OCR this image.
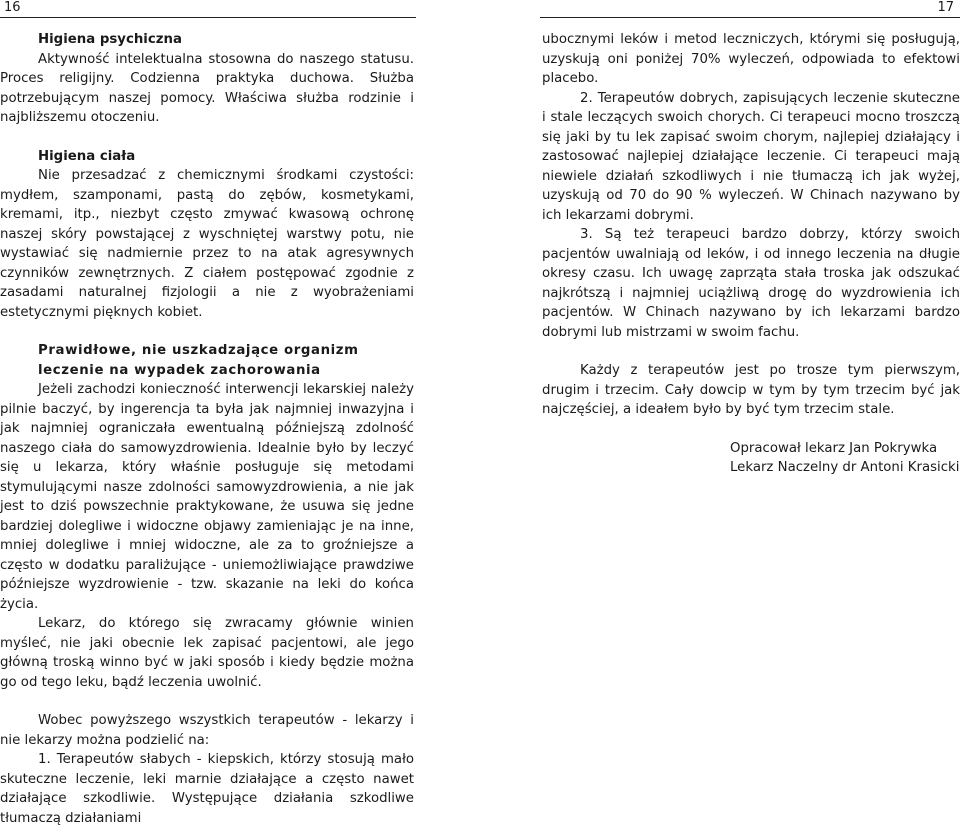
16	17

Higiena psychiczna

Aktywność intelektualna stosowna do naszego statusu. Proces religijny. Codzienna praktyka duchowa. Służba potrzebującym naszej pomocy. Właściwa służba rodzinie i najbliższemu otoczeniu.

Higiena ciała

Nie przesadzać z chemicznymi środkami czystości: mydłem, szamponami, pastą do zębów, kosmetykami, kremami, itp., niezbyt często zmywać kwasową ochronę naszej skóry powstającej z wyschniętej warstwy potu, nie wystawiać się nadmiernie przez to na atak agresywnych czynników zewnętrznych. Z ciałem postępować zgodnie z zasadami naturalnej fizjologii a nie z wyobrażeniami estetycznymi pięknych kobiet.

Prawidłowe, nie uszkadzające organizm leczenie na wypadek zachorowania

Jeżeli zachodzi konieczność interwencji lekarskiej należy pilnie baczyć, by ingerencja ta była jak najmniej inwazyjna i jak najmniej ograniczała ewentualną późniejszą zdolność naszego ciała do samowyzdrowienia. Idealnie było by leczyć się u lekarza, który właśnie posługuje się metodami stymulującymi nasze zdolności samowyzdrowienia, a nie jak jest to dziś powszechnie praktykowane, że usuwa się jedne bardziej dolegliwe i widoczne objawy zamieniając je na inne, mniej dolegliwe i mniej widoczne, ale za to groźniejsze a często w dodatku paraliżujące - uniemożliwiające prawdziwe późniejsze wyzdrowienie - tzw. skazanie na leki do końca życia.

Lekarz, do którego się zwracamy głównie winien myśleć, nie jaki obecnie lek zapisać pacjentowi, ale jego główną troską winno być w jaki sposób i kiedy będzie można go od tego leku, bądź leczenia uwolnić.

Wobec powyższego wszystkich terapeutów - lekarzy i nie lekarzy można podzielić na:

1. Terapeutów słabych - kiepskich, którzy stosują mało skuteczne leczenie, leki marnie działające a często nawet działające szkodliwie. Występujące działania szkodliwe tłumaczą działaniami

ubocznymi leków i metod leczniczych, którymi się posługują, uzyskują oni poniżej 70% wyleczeń, odpowiada to efektowi placebo.

2. Terapeutów dobrych, zapisujących leczenie skuteczne i stale leczących swoich chorych. Ci terapeuci mocno troszczą się jaki by tu lek zapisać swoim chorym, najlepiej działający i zastosować najlepiej działające leczenie. Ci terapeuci mają niewiele działań szkodliwych i nie tłumaczą ich jak wyżej, uzyskują od 70 do 90 % wyleczeń. W Chinach nazywano by ich lekarzami dobrymi.

3. Są też terapeuci bardzo dobrzy, którzy swoich pacjentów uwalniają od leków, i od innego leczenia na długie okresy czasu. Ich uwagę zaprząta stała troska jak odszukać najkrótszą i najmniej uciążliwą drogę do wyzdrowienia ich pacjentów. W Chinach nazywano by ich lekarzami bardzo dobrymi lub mistrzami w swoim fachu.

Każdy z terapeutów jest po trosze tym pierwszym, drugim i trzecim. Cały dowcip w tym by tym trzecim być jak najczęściej, a ideałem było by być tym trzecim stale.

Opracował lekarz Jan Pokrywka

Lekarz Naczelny dr Antoni Krasicki
